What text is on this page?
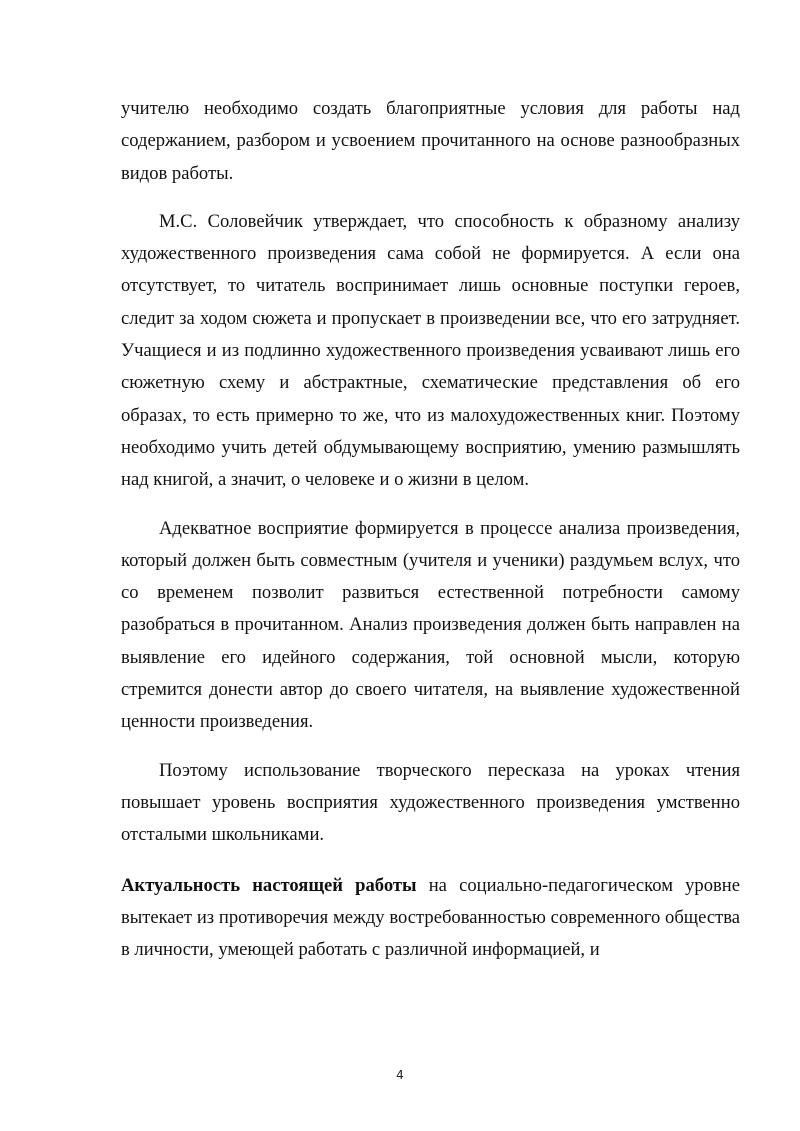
учителю необходимо создать благоприятные условия для работы над содержанием, разбором и усвоением прочитанного на основе разнообразных видов работы.

М.С. Соловейчик утверждает, что способность к образному анализу художественного произведения сама собой не формируется. А если она отсутствует, то читатель воспринимает лишь основные поступки героев, следит за ходом сюжета и пропускает в произведении все, что его затрудняет. Учащиеся и из подлинно художественного произведения усваивают лишь его сюжетную схему и абстрактные, схематические представления об его образах, то есть примерно то же, что из малохудожественных книг. Поэтому необходимо учить детей обдумывающему восприятию, умению размышлять над книгой, а значит, о человеке и о жизни в целом.

Адекватное восприятие формируется в процессе анализа произведения, который должен быть совместным (учителя и ученики) раздумьем вслух, что со временем позволит развиться естественной потребности самому разобраться в прочитанном. Анализ произведения должен быть направлен на выявление его идейного содержания, той основной мысли, которую стремится донести автор до своего читателя, на выявление художественной ценности произведения.

Поэтому использование творческого пересказа на уроках чтения повышает уровень восприятия художественного произведения умственно отсталыми школьниками.

Актуальность настоящей работы на социально-педагогическом уровне вытекает из противоречия между востребованностью современного общества в личности, умеющей работать с различной информацией, и

4
